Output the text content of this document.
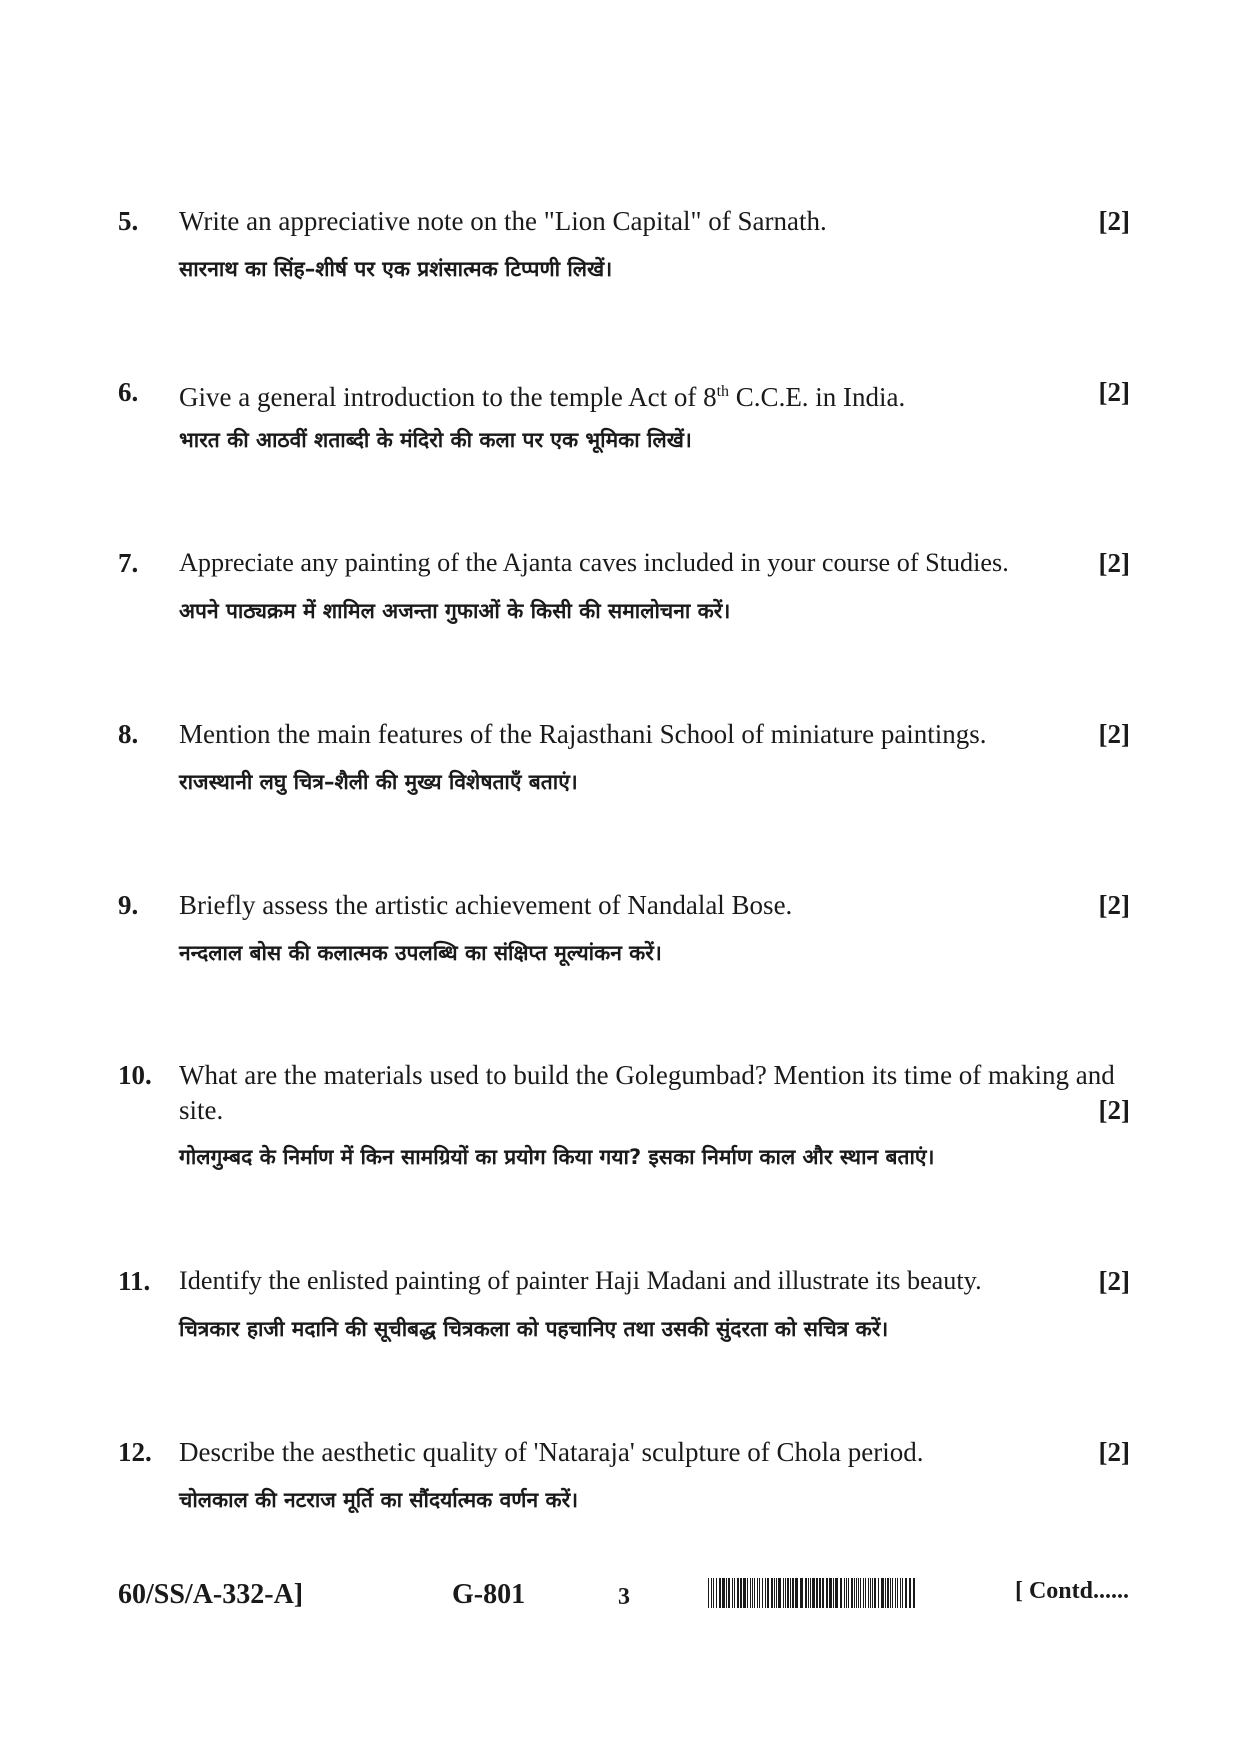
5. Write an appreciative note on the "Lion Capital" of Sarnath.	[2]
सारनाथ का सिंह–शीर्ष पर एक प्रशंसात्मक टिप्पणी लिखें।
6. Give a general introduction to the temple Act of 8th C.C.E. in India.	[2]
भारत की आठवीं शताब्दी के मंदिरो की कला पर एक भूमिका लिखें।
7. Appreciate any painting of the Ajanta caves included in your course of Studies.	[2]
अपने पाठ्यक्रम में शामिल अजन्ता गुफाओं के किसी की समालोचना करें।
8. Mention the main features of the Rajasthani School of miniature paintings.	[2]
राजस्थानी लघु चित्र–शैली की मुख्य विशेषताएँ बताएं।
9. Briefly assess the artistic achievement of Nandalal Bose.	[2]
नन्दलाल बोस की कलात्मक उपलब्धि का संक्षिप्त मूल्यांकन करें।
10. What are the materials used to build the Golegumbad? Mention its time of making and site.	[2]
गोलगुम्बद के निर्माण में किन सामग्रियों का प्रयोग किया गया? इसका निर्माण काल और स्थान बताएं।
11. Identify the enlisted painting of painter Haji Madani and illustrate its beauty.	[2]
चित्रकार हाजी मदानि की सूचीबद्ध चित्रकला को पहचानिए तथा उसकी सुंदरता को सचित्र करें।
12. Describe the aesthetic quality of 'Nataraja' sculpture of Chola period.	[2]
चोलकाल की नटराज मूर्ति का सौंदर्यात्मक वर्णन करें।
60/SS/A-332-A]	G-801	3	[ Contd......
